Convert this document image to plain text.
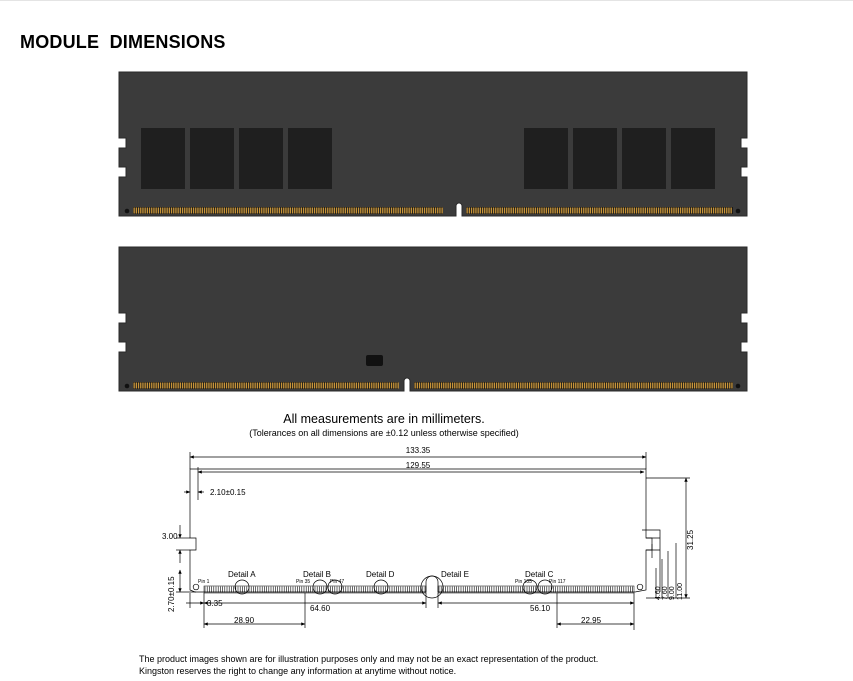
MODULE  DIMENSIONS
All measurements are in millimeters.
(Tolerances on all dimensions are ±0.12 unless otherwise specified)
133.35
129.55
2.10±0.15
3.00
3.35
64.60	56.10
28.90	22.95
2.70±0.15
31.25
11.00
9.00
7.60
4.60
Detail A	Detail B	Detail D	Detail E	Detail C
Pin 1	Pin 35	Pin 47	Pin 105	Pin 117
The product images shown are for illustration purposes only and may not be an exact representation of the product.
Kingston reserves the right to change any information at anytime without notice.
